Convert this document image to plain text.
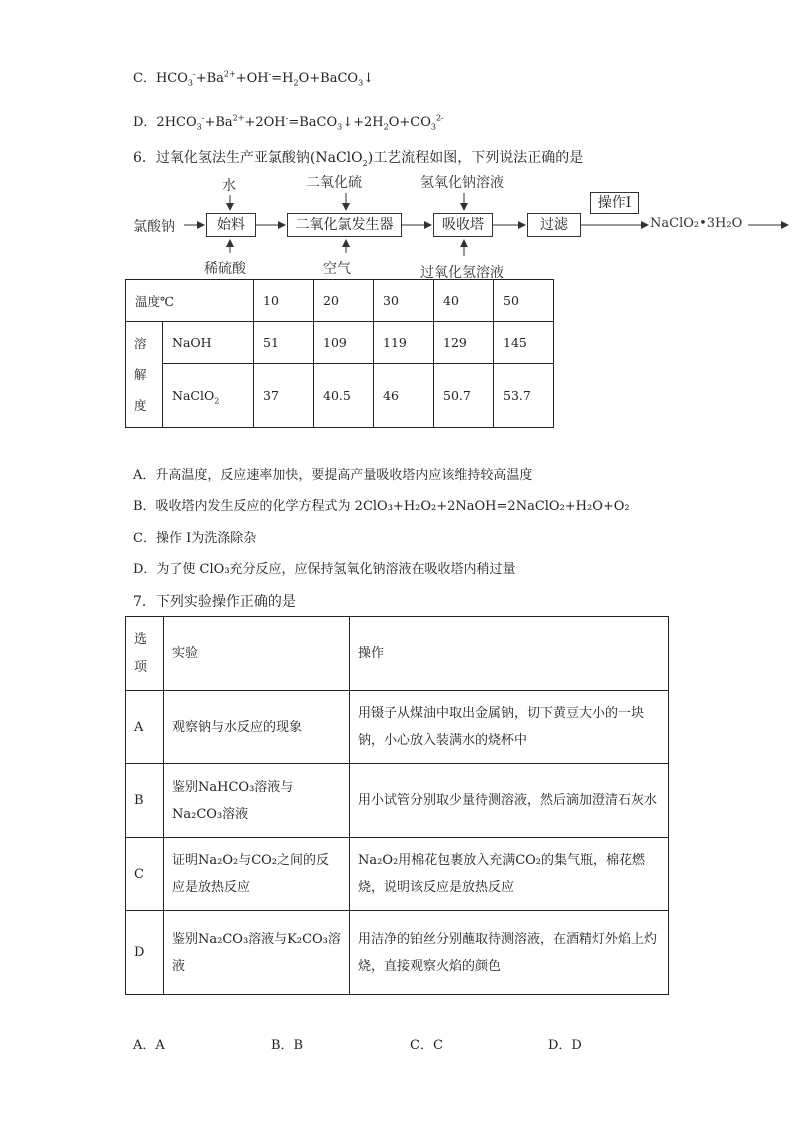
C．$HCO_3^-+Ba^{2+}+OH^-=H_2O+BaCO_3↓$
D．$2HCO_3^-+Ba^{2+}+2OH^-=BaCO_3↓+2H_2O+CO_3^{2-}$
6．过氧化氢法生产亚氯酸钠(NaClO$_2$)工艺流程如图，下列说法正确的是
氯酸钠	始料	二氧化氯发生器	吸收塔	过滤
操作I
NaClO₂•3H₂O
水	二氧化硫	氢氧化钠溶液
稀硫酸	空气	过氧化氢溶液
温度℃		10	20	30	40	50

溶
解
度	NaOH	51	109	119	129	145
	NaClO$_2$	37	40.5	46	50.7	53.7
A．升高温度，反应速率加快，要提高产量吸收塔内应该维持较高温度
B．吸收塔内发生反应的化学方程式为 2ClO₃+H₂O₂+2NaOH=2NaClO₂+H₂O+O₂
C．操作 I为洗涤除杂
D．为了使 ClO₃充分反应，应保持氢氧化钠溶液在吸收塔内稍过量
7．下列实验操作正确的是
选
项	实验	操作
A	观察钠与水反应的现象	用镊子从煤油中取出金属钠，切下黄豆大小的一块钠，小心放入装满水的烧杯中
B	鉴别NaHCO₃溶液与Na₂CO₃溶液	用小试管分别取少量待测溶液，然后滴加澄清石灰水
C	证明Na₂O₂与CO₂之间的反应是放热反应	Na₂O₂用棉花包裹放入充满CO₂的集气瓶，棉花燃烧，说明该反应是放热反应
D	鉴别Na₂CO₃溶液与K₂CO₃溶液	用洁净的铂丝分别蘸取待测溶液，在酒精灯外焰上灼烧，直接观察火焰的颜色
A．A	B．B	C．C	D．D
